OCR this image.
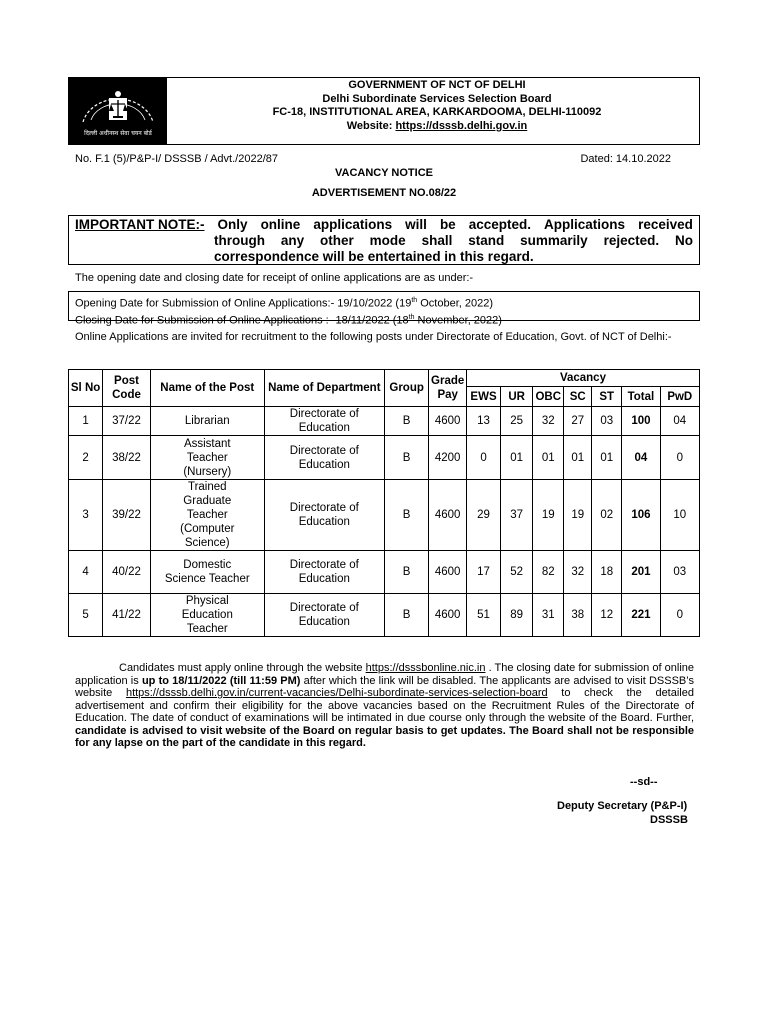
दिल्ली अधीनस्थ सेवा चयन बोर्ड
GOVERNMENT OF NCT OF DELHI
Delhi Subordinate Services Selection Board
FC-18, INSTITUTIONAL AREA, KARKARDOOMA, DELHI-110092
Website: https://dsssb.delhi.gov.in
No. F.1 (5)/P&P-I/ DSSSB / Advt./2022/87	Dated: 14.10.2022
VACANCY NOTICE
ADVERTISEMENT NO.08/22
IMPORTANT NOTE:- Only online applications will be accepted. Applications received
through any other mode shall stand summarily rejected. No
correspondence will be entertained in this regard.
The opening date and closing date for receipt of online applications are as under:-
Opening Date for Submission of Online Applications:- 19/10/2022 (19th October, 2022)
Closing Date for Submission of Online Applications :- 18/11/2022 (18th November, 2022)
Online Applications are invited for recruitment to the following posts under Directorate of Education, Govt. of NCT of Delhi:-
Sl No	Post Code	Name of the Post	Name of Department	Group	Grade Pay	Vacancy						
						EWS	UR	OBC	SC	ST	Total	PwD
1	37/22	Librarian	Directorate of Education	B	4600	13	25	32	27	03	100	04
2	38/22	Assistant Teacher (Nursery)	Directorate of Education	B	4200	0	01	01	01	01	04	0
3	39/22	Trained Graduate Teacher (Computer Science)	Directorate of Education	B	4600	29	37	19	19	02	106	10
4	40/22	Domestic Science Teacher	Directorate of Education	B	4600	17	52	82	32	18	201	03
5	41/22	Physical Education Teacher	Directorate of Education	B	4600	51	89	31	38	12	221	0
Candidates must apply online through the website https://dsssbonline.nic.in . The closing date for submission of online application is up to 18/11/2022 (till 11:59 PM) after which the link will be disabled. The applicants are advised to visit DSSSB’s website https://dsssb.delhi.gov.in/current-vacancies/Delhi-subordinate-services-selection-board to check the detailed advertisement and confirm their eligibility for the above vacancies based on the Recruitment Rules of the Directorate of Education. The date of conduct of examinations will be intimated in due course only through the website of the Board. Further, candidate is advised to visit website of the Board on regular basis to get updates. The Board shall not be responsible for any lapse on the part of the candidate in this regard.
--sd--
Deputy Secretary (P&P-I)
DSSSB
